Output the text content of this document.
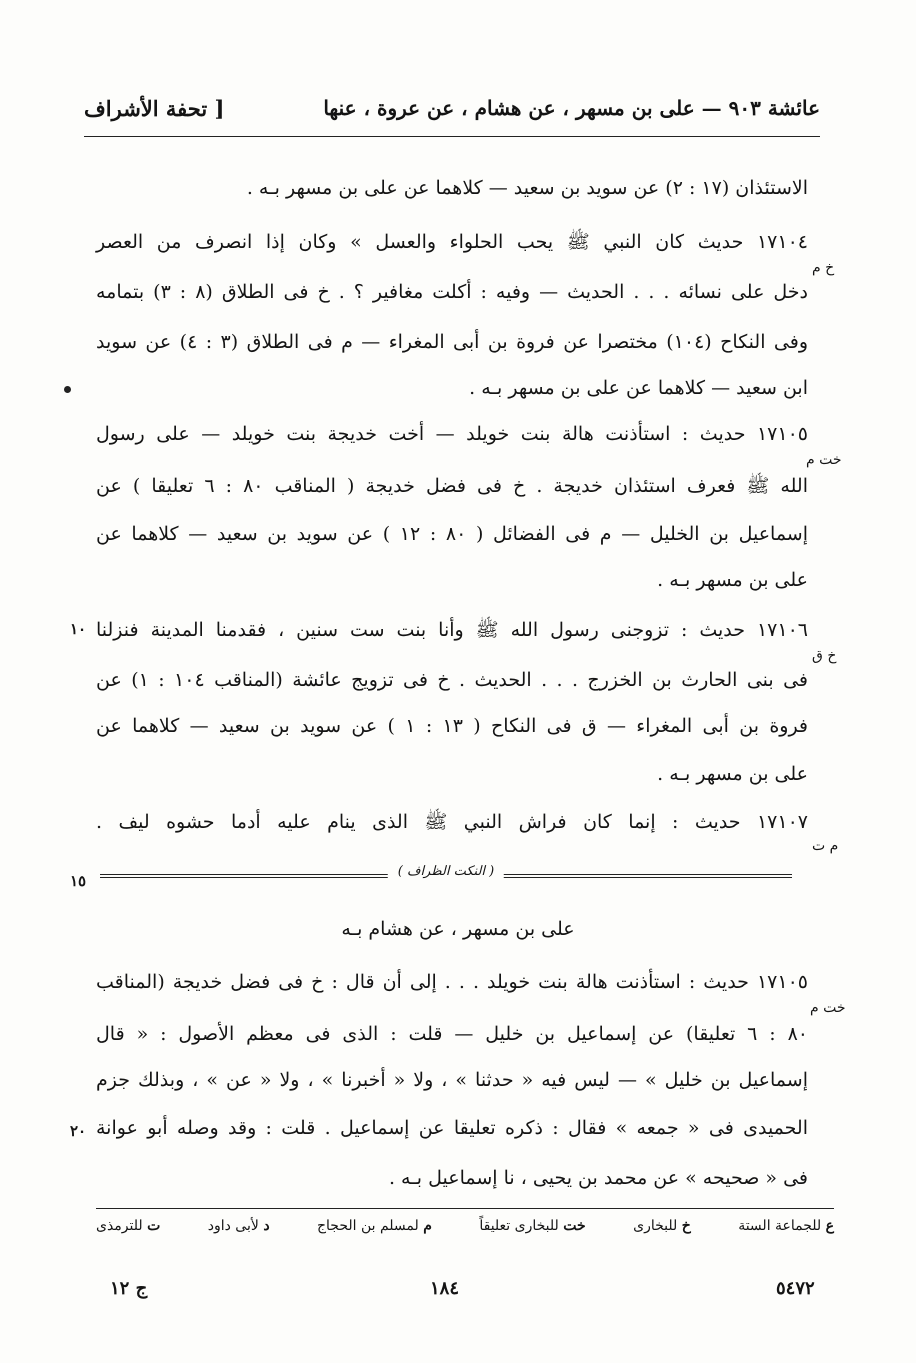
عائشة ٩٠٣ — على بن مسهر ، عن هشام ، عن عروة ، عنها
[ تحفة الأشراف
الاستئذان (١٧ : ٢) عن سويد بن سعيد — كلاهما عن على بن مسهر بـه .
١٧١٠٤ حديث كان النبي ﷺ يحب الحلواء والعسل » وكان إذا انصرف من العصر
دخل على نسائه . . . الحديث — وفيه : أكلت مغافير ؟ . خ فى الطلاق (٨ : ٣) بتمامه
وفى النكاح (١٠٤) مختصرا عن فروة بن أبى المغراء — م فى الطلاق (٣ : ٤) عن سويد
ابن سعيد — كلاهما عن على بن مسهر بـه .
١٧١٠٥ حديث : استأذنت هالة بنت خويلد — أخت خديجة بنت خويلد — على رسول
الله ﷺ فعرف استئذان خديجة . خ فى فضل خديجة ( المناقب ٨٠ : ٦ تعليقا ) عن
إسماعيل بن الخليل — م فى الفضائل ( ٨٠ : ١٢ ) عن سويد بن سعيد — كلاهما عن
على بن مسهر بـه .
١٧١٠٦ حديث : تزوجنى رسول الله ﷺ وأنا بنت ست سنين ، فقدمنا المدينة فنزلنا
فى بنى الحارث بن الخزرج . . . الحديث . خ فى تزويج عائشة (المناقب ١٠٤ : ١) عن
فروة بن أبى المغراء — ق فى النكاح ( ١٣ : ١ ) عن سويد بن سعيد — كلاهما عن
على بن مسهر بـه .
١٧١٠٧ حديث : إنما كان فراش النبي ﷺ الذى ينام عليه أدما حشوه ليف .
خ م
خت م
خ ق
م ت
١٠
١٥
٢٠
( النكت الظراف )
على بن مسهر ، عن هشام بـه
١٧١٠٥ حديث : استأذنت هالة بنت خويلد . . . إلى أن قال : خ فى فضل خديجة (المناقب
٨٠ : ٦ تعليقا) عن إسماعيل بن خليل — قلت : الذى فى معظم الأصول : « قال
إسماعيل بن خليل » — ليس فيه « حدثنا » ، ولا « أخبرنا » ، ولا « عن » ، وبذلك جزم
الحميدى فى « جمعه » فقال : ذكره تعليقا عن إسماعيل . قلت : وقد وصله أبو عوانة
فى « صحيحه » عن محمد بن يحيى ، نا إسماعيل بـه .
خت م
ع للجماعة الستة
خ للبخارى
خت للبخارى تعليقاً
م لمسلم بن الحجاج
د لأبى داود
ت للترمذى
ج ١٢	١٨٤	٥٤٧٢
